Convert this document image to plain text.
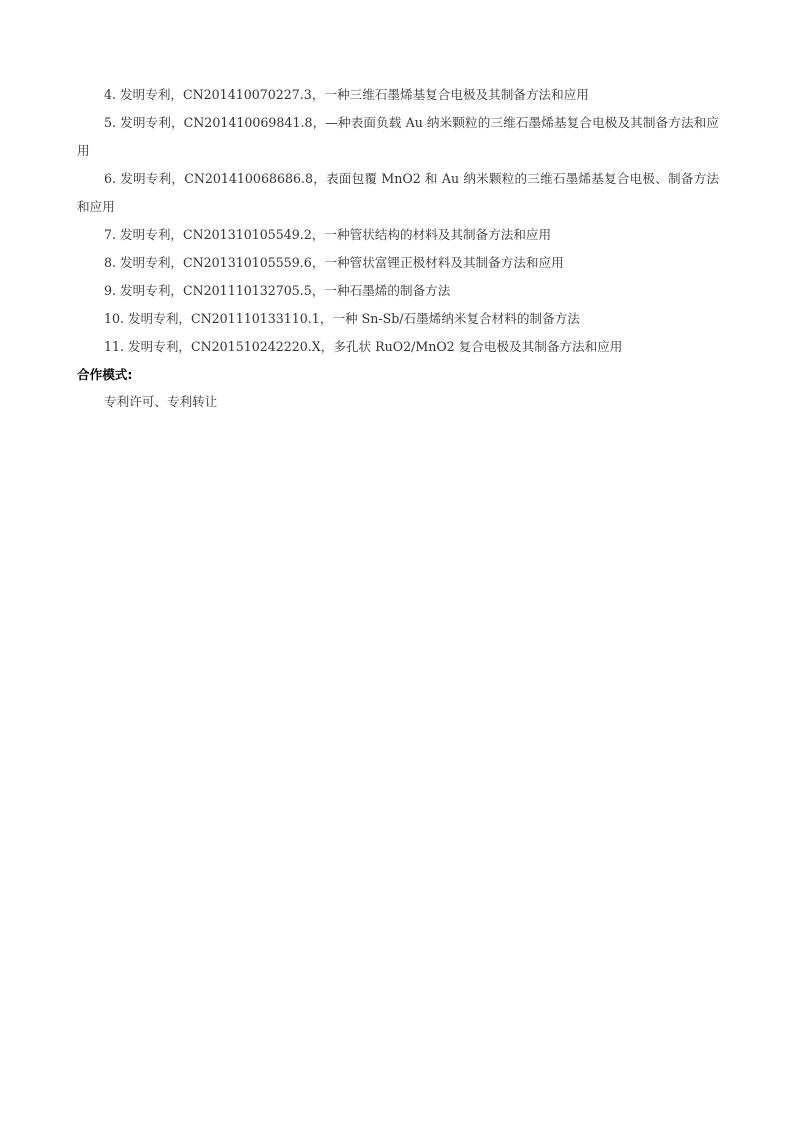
4. 发明专利，CN201410070227.3，一种三维石墨烯基复合电极及其制备方法和应用

5. 发明专利，CN201410069841.8，—种表面负载 Au 纳米颗粒的三维石墨烯基复合电极及其制备方法和应用

6. 发明专利，CN201410068686.8，表面包覆 MnO2 和 Au 纳米颗粒的三维石墨烯基复合电极、制备方法和应用

7. 发明专利，CN201310105549.2，一种管状结构的材料及其制备方法和应用

8. 发明专利，CN201310105559.6，一种管状富锂正极材料及其制备方法和应用

9. 发明专利，CN201110132705.5，一种石墨烯的制备方法

10. 发明专利，CN201110133110.1，一种 Sn-Sb/石墨烯纳米复合材料的制备方法

11. 发明专利，CN201510242220.X，多孔状 RuO2/MnO2 复合电极及其制备方法和应用

合作模式:

专利许可、专利转让
